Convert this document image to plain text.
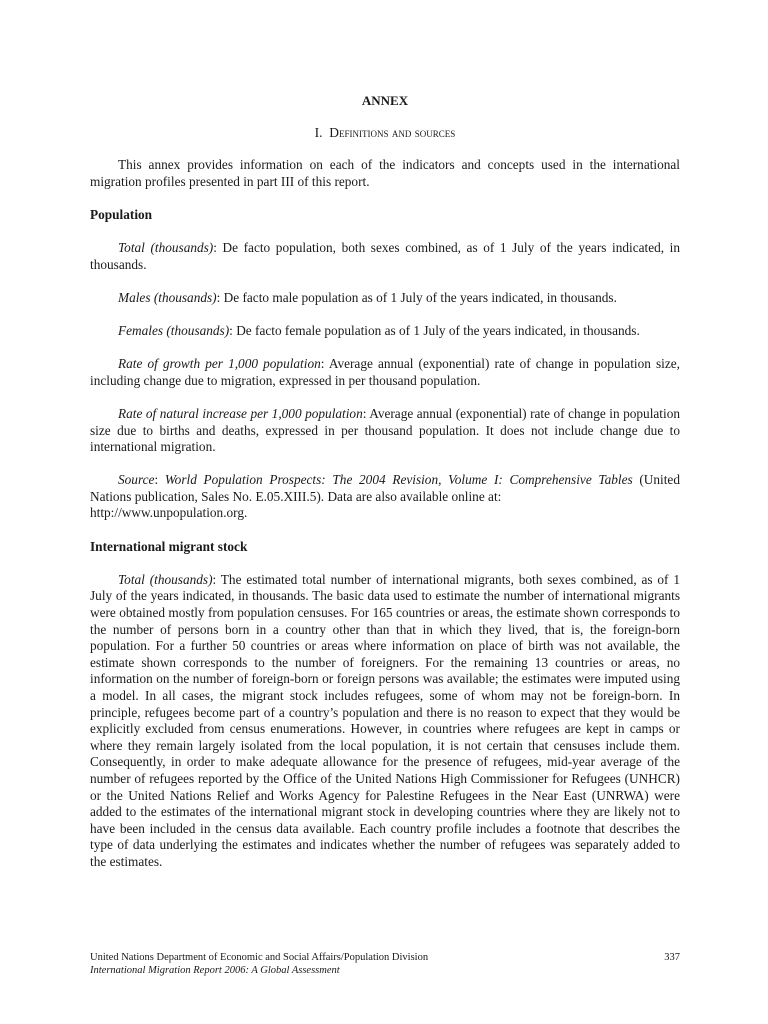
ANNEX
I. Definitions and sources

This annex provides information on each of the indicators and concepts used in the international migration profiles presented in part III of this report.

Population

Total (thousands): De facto population, both sexes combined, as of 1 July of the years indicated, in thousands.

Males (thousands): De facto male population as of 1 July of the years indicated, in thousands.

Females (thousands): De facto female population as of 1 July of the years indicated, in thousands.

Rate of growth per 1,000 population: Average annual (exponential) rate of change in population size, including change due to migration, expressed in per thousand population.

Rate of natural increase per 1,000 population: Average annual (exponential) rate of change in population size due to births and deaths, expressed in per thousand population. It does not include change due to international migration.

Source: World Population Prospects: The 2004 Revision, Volume I: Comprehensive Tables (United Nations publication, Sales No. E.05.XIII.5). Data are also available online at:
http://www.unpopulation.org.

International migrant stock

Total (thousands): The estimated total number of international migrants, both sexes combined, as of 1 July of the years indicated, in thousands. The basic data used to estimate the number of international migrants were obtained mostly from population censuses. For 165 countries or areas, the estimate shown corresponds to the number of persons born in a country other than that in which they lived, that is, the foreign-born population. For a further 50 countries or areas where information on place of birth was not available, the estimate shown corresponds to the number of foreigners. For the remaining 13 countries or areas, no information on the number of foreign-born or foreign persons was available; the estimates were imputed using a model. In all cases, the migrant stock includes refugees, some of whom may not be foreign-born. In principle, refugees become part of a country’s population and there is no reason to expect that they would be explicitly excluded from census enumerations. However, in countries where refugees are kept in camps or where they remain largely isolated from the local population, it is not certain that censuses include them. Consequently, in order to make adequate allowance for the presence of refugees, mid-year average of the number of refugees reported by the Office of the United Nations High Commissioner for Refugees (UNHCR) or the United Nations Relief and Works Agency for Palestine Refugees in the Near East (UNRWA) were added to the estimates of the international migrant stock in developing countries where they are likely not to have been included in the census data available. Each country profile includes a footnote that describes the type of data underlying the estimates and indicates whether the number of refugees was separately added to the estimates.

United Nations Department of Economic and Social Affairs/Population Division
International Migration Report 2006: A Global Assessment
337
